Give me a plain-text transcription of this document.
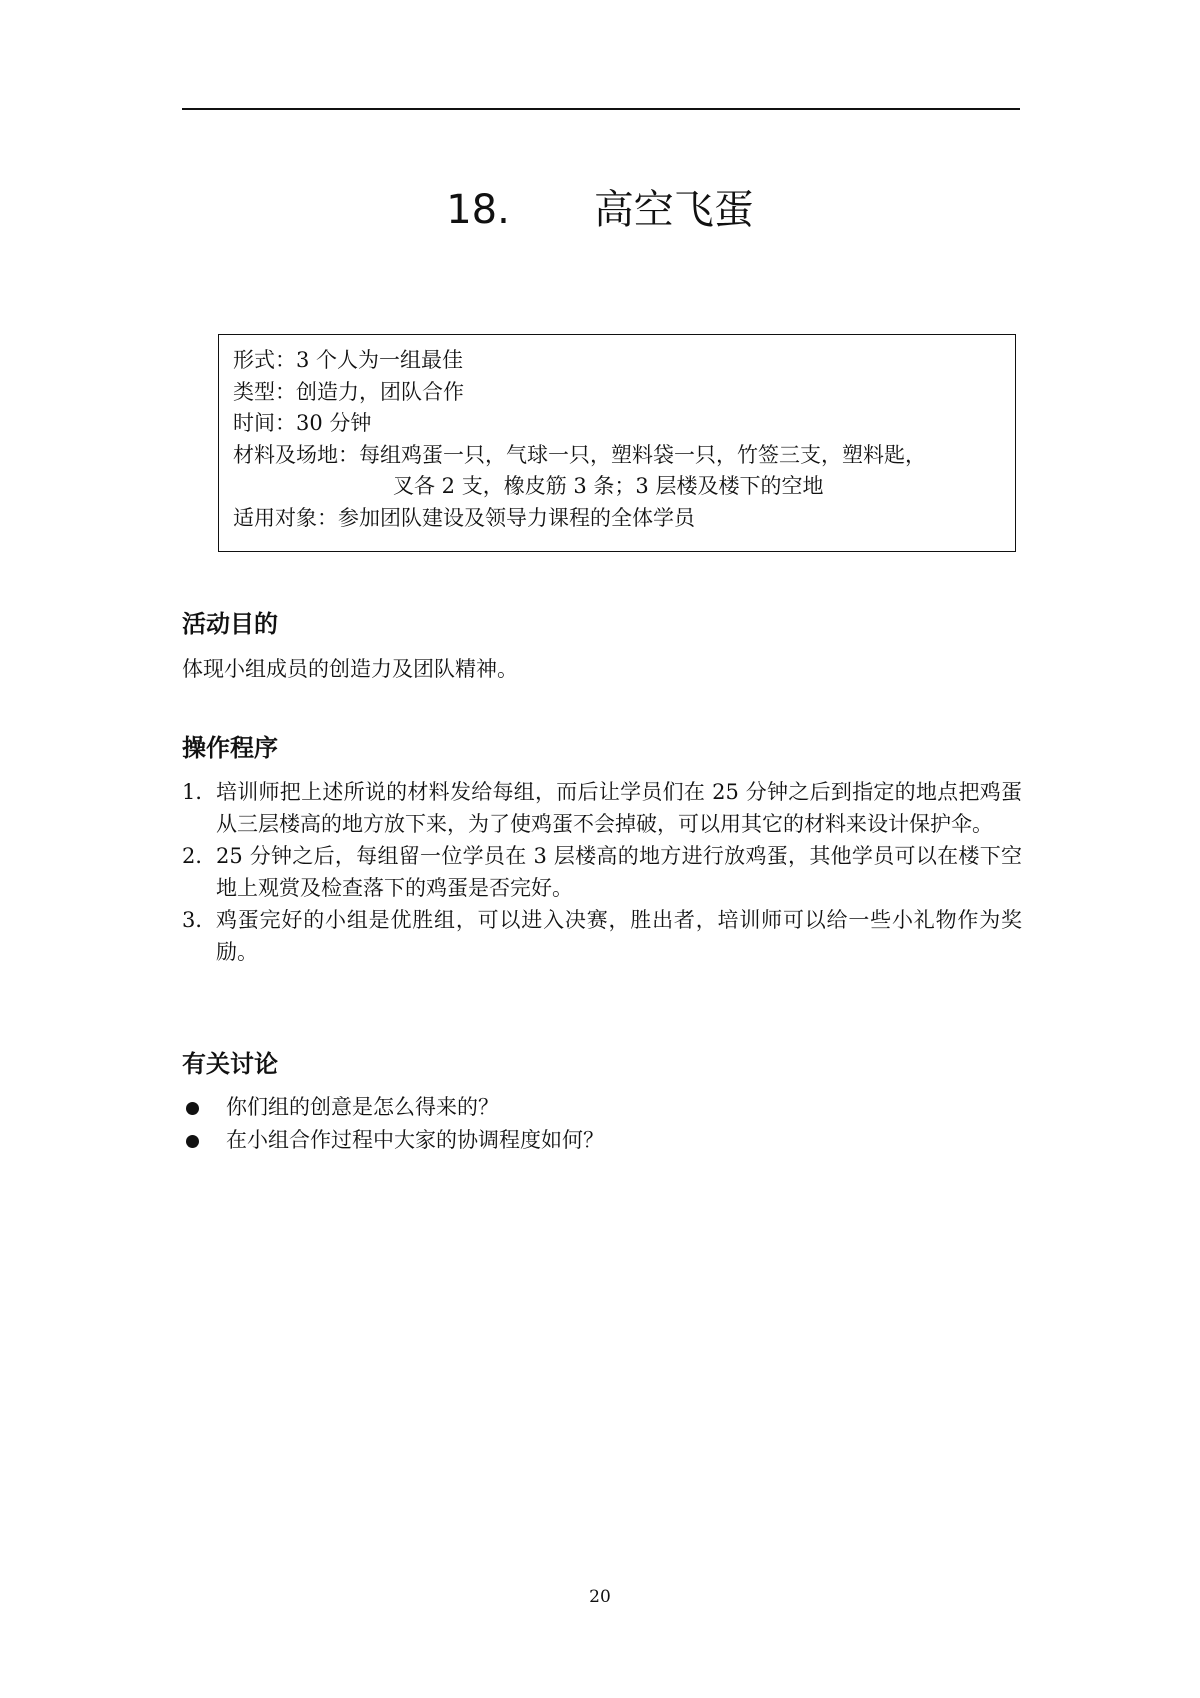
18. 高空飞蛋
形式：3 个人为一组最佳
类型：创造力，团队合作
时间：30 分钟
材料及场地：每组鸡蛋一只，气球一只，塑料袋一只，竹签三支，塑料匙，
叉各 2 支，橡皮筋 3 条；3 层楼及楼下的空地
适用对象：参加团队建设及领导力课程的全体学员
活动目的
体现小组成员的创造力及团队精神。
操作程序
1． 培训师把上述所说的材料发给每组，而后让学员们在 25 分钟之后到指定的地点把鸡蛋从三层楼高的地方放下来，为了使鸡蛋不会掉破，可以用其它的材料来设计保护伞。
2． 25 分钟之后，每组留一位学员在 3 层楼高的地方进行放鸡蛋，其他学员可以在楼下空地上观赏及检查落下的鸡蛋是否完好。
3． 鸡蛋完好的小组是优胜组，可以进入决赛，胜出者，培训师可以给一些小礼物作为奖励。
有关讨论
你们组的创意是怎么得来的？
在小组合作过程中大家的协调程度如何？
20
